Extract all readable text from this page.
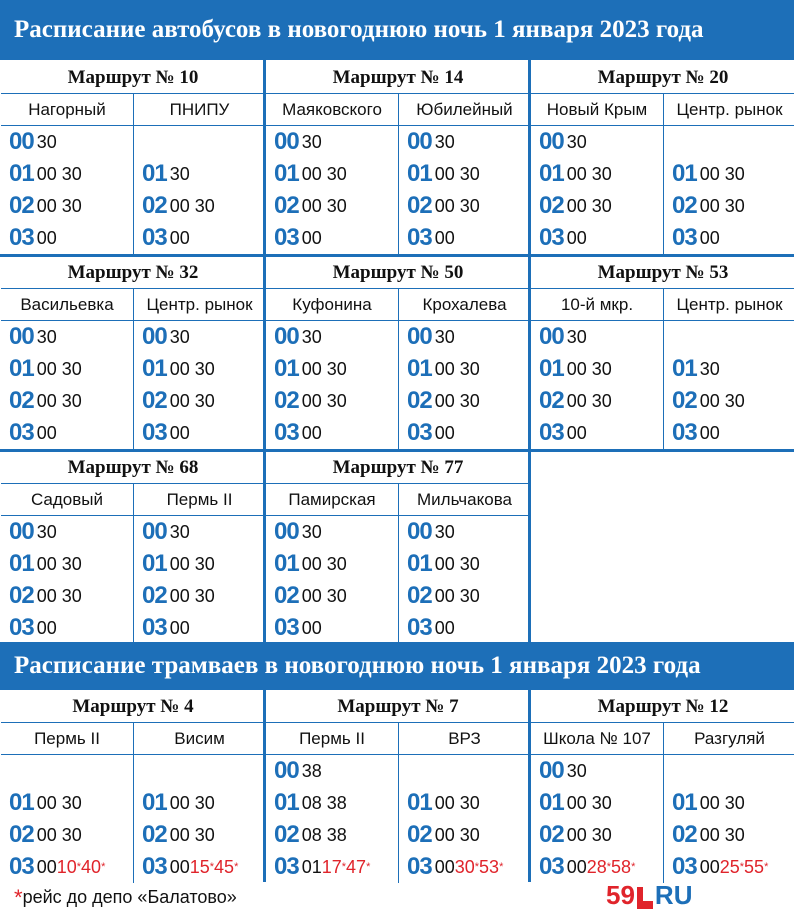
Расписание автобусов в новогоднюю ночь 1 января 2023 года
Маршрут № 10
Нагорный
00 30
01 00 30
02 00 30
03 00
ПНИПУ
01 30
02 00 30
03 00
Маршрут № 14
Маяковского
00 30
01 00 30
02 00 30
03 00
Юбилейный
00 30
01 00 30
02 00 30
03 00
Маршрут № 20
Новый Крым
00 30
01 00 30
02 00 30
03 00
Центр. рынок
01 00 30
02 00 30
03 00
Маршрут № 32
Васильевка
00 30
01 00 30
02 00 30
03 00
Центр. рынок
00 30
01 00 30
02 00 30
03 00
Маршрут № 50
Куфонина
00 30
01 00 30
02 00 30
03 00
Крохалева
00 30
01 00 30
02 00 30
03 00
Маршрут № 53
10-й мкр.
00 30
01 00 30
02 00 30
03 00
Центр. рынок
01 30
02 00 30
03 00
Маршрут № 68
Садовый
00 30
01 00 30
02 00 30
03 00
Пермь II
00 30
01 00 30
02 00 30
03 00
Маршрут № 77
Памирская
00 30
01 00 30
02 00 30
03 00
Мильчакова
00 30
01 00 30
02 00 30
03 00
Расписание трамваев в новогоднюю ночь 1 января 2023 года
Маршрут № 4
Пермь II
01 00 30
02 00 30
03 00 10 * 40 *
Висим
01 00 30
02 00 30
03 00 15 * 45 *
Маршрут № 7
Пермь II
00 38
01 08 38
02 08 38
03 01 17 * 47 *
ВРЗ
01 00 30
02 00 30
03 00 30 * 53 *
Маршрут № 12
Школа № 107
00 30
01 00 30
02 00 30
03 00 28 * 58 *
Разгуляй
01 00 30
02 00 30
03 00 25 * 55 *
*рейс до депо «Балатово»	59 RU
